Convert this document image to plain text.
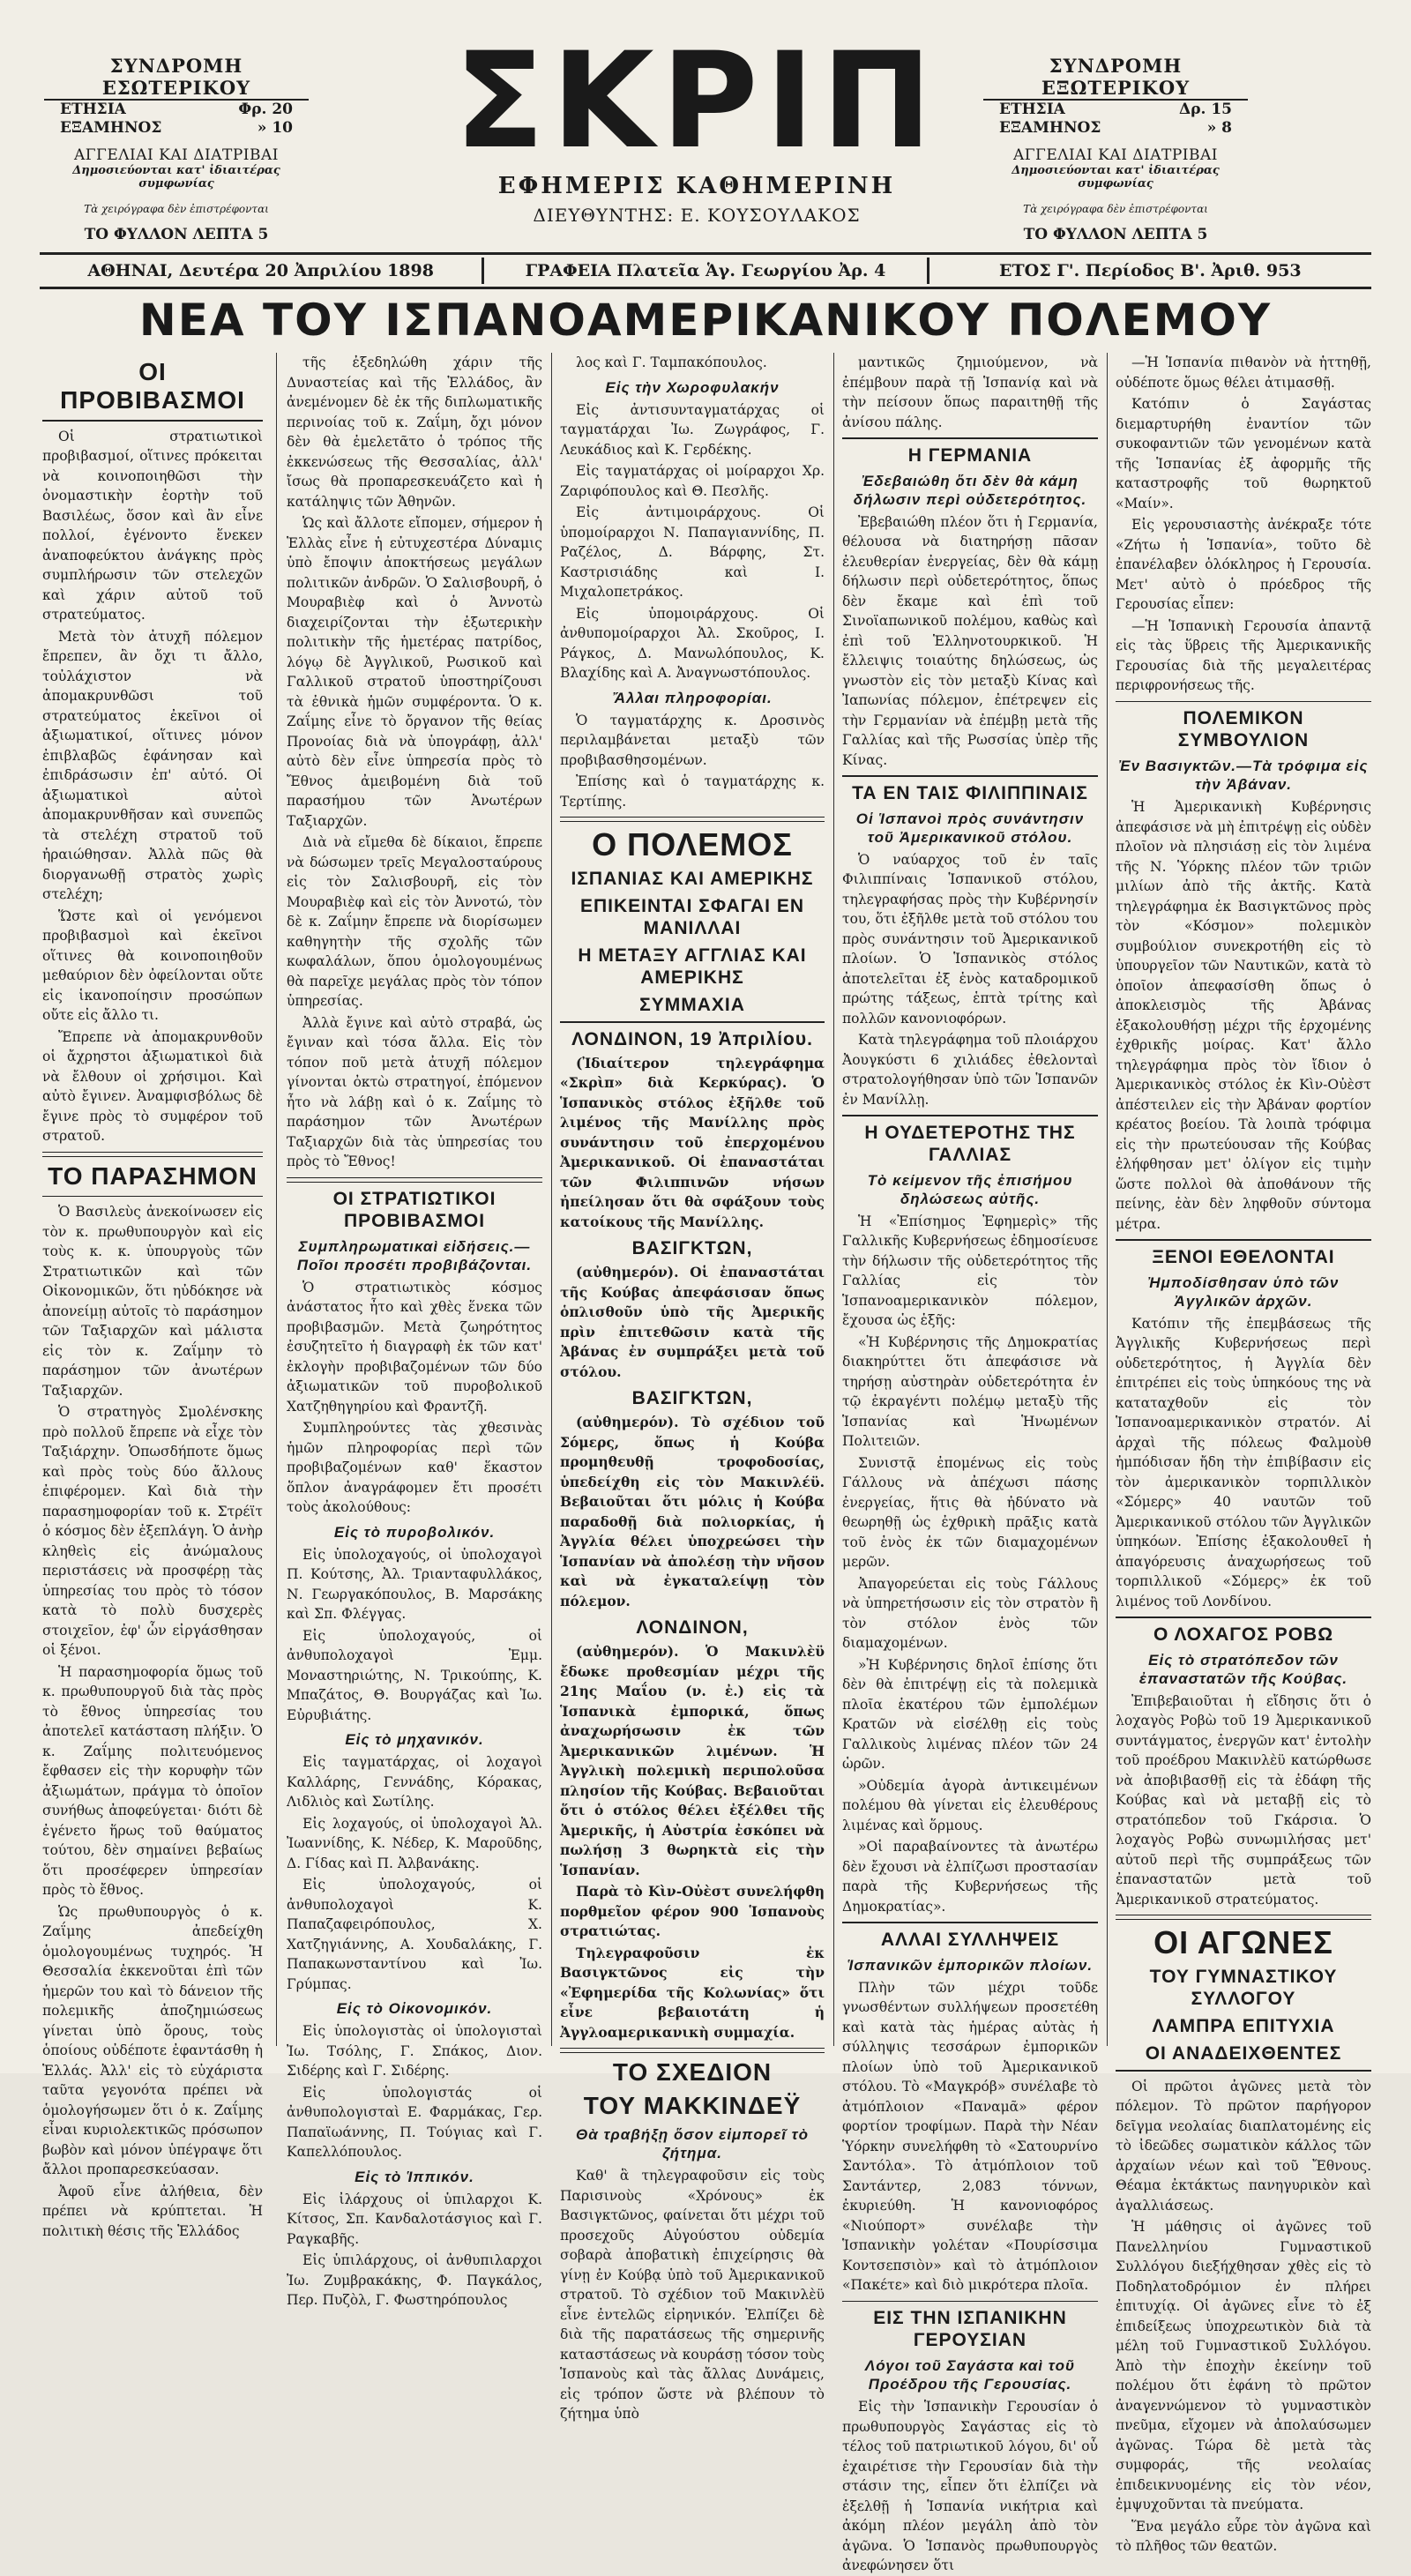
ΣΥΝΔΡΟΜΗ ΕΣΩΤΕΡΙΚΟΥ
ΕΤΗΣΙΑ	Φρ. 20
ΕΞΑΜΗΝΟΣ	» 10
ΑΓΓΕΛΙΑΙ ΚΑΙ ΔΙΑΤΡΙΒΑΙ
Δημοσιεύονται κατ' ἰδιαιτέρας συμφωνίας
Τὰ χειρόγραφα δὲν ἐπιστρέφονται
ΤΟ ΦΥΛΛΟΝ ΛΕΠΤΑ 5
ΣΚΡΙΠ
ΕΦΗΜΕΡΙΣ ΚΑΘΗΜΕΡΙΝΗ
ΔΙΕΥΘΥΝΤΗΣ: Ε. ΚΟΥΣΟΥΛΑΚΟΣ
ΣΥΝΔΡΟΜΗ ΕΞΩΤΕΡΙΚΟΥ
ΕΤΗΣΙΑ	Δρ. 15
ΕΞΑΜΗΝΟΣ	» 8
ΑΓΓΕΛΙΑΙ ΚΑΙ ΔΙΑΤΡΙΒΑΙ
Δημοσιεύονται κατ' ἰδιαιτέρας συμφωνίας
Τὰ χειρόγραφα δὲν ἐπιστρέφονται
ΤΟ ΦΥΛΛΟΝ ΛΕΠΤΑ 5
ΑΘΗΝΑΙ, Δευτέρα 20 Ἀπριλίου 1898	ΓΡΑΦΕΙΑ Πλατεῖα Ἁγ. Γεωργίου Ἀρ. 4	ΕΤΟΣ Γ'. Περίοδος Β'. Ἀριθ. 953
ΝΕΑ ΤΟΥ ΙΣΠΑΝΟΑΜΕΡΙΚΑΝΙΚΟΥ ΠΟΛΕΜΟΥ
ΟΙ ΠΡΟΒΙΒΑΣΜΟΙ

Οἱ στρατιωτικοὶ προβιβασμοί, οἵτινες πρόκειται νὰ κοινοποιηθῶσι τὴν ὀνομαστικὴν ἑορτὴν τοῦ Βασιλέως, ὅσον καὶ ἂν εἶνε πολλοί, ἐγένοντο ἕνεκεν ἀναποφεύκτου ἀνάγκης πρὸς συμπλήρωσιν τῶν στελεχῶν καὶ χάριν αὐτοῦ τοῦ στρατεύματος.

Μετὰ τὸν ἀτυχῆ πόλεμον ἔπρεπεν, ἂν ὄχι τι ἄλλο, τοὐλάχιστον νὰ ἀπομακρυνθῶσι τοῦ στρατεύματος ἐκεῖνοι οἱ ἀξιωματικοί, οἵτινες μόνον ἐπιβλαβῶς ἐφάνησαν καὶ ἐπιδράσωσιν ἐπ' αὐτό. Οἱ ἀξιωματικοὶ αὐτοὶ ἀπομακρυνθῆσαν καὶ συνεπῶς τὰ στελέχη στρατοῦ τοῦ ἠραιώθησαν. Ἀλλὰ πῶς θὰ διοργανωθῇ στρατὸς χωρὶς στελέχη;

Ὥστε καὶ οἱ γενόμενοι προβιβασμοὶ καὶ ἐκεῖνοι οἵτινες θὰ κοινοποιηθοῦν μεθαύριον δὲν ὀφείλονται οὔτε εἰς ἱκανοποίησιν προσώπων οὔτε εἰς ἄλλο τι.

Ἔπρεπε νὰ ἀπομακρυνθοῦν οἱ ἄχρηστοι ἀξιωματικοὶ διὰ νὰ ἔλθουν οἱ χρήσιμοι. Καὶ αὐτὸ ἔγινεν. Ἀναμφισβόλως δὲ ἔγινε πρὸς τὸ συμφέρον τοῦ στρατοῦ.

ΤΟ ΠΑΡΑΣΗΜΟΝ

Ὁ Βασιλεὺς ἀνεκοίνωσεν εἰς τὸν κ. πρωθυπουργὸν καὶ εἰς τοὺς κ. κ. ὑπουργοὺς τῶν Στρατιωτικῶν καὶ τῶν Οἰκονομικῶν, ὅτι ηὐδόκησε νὰ ἀπονείμῃ αὐτοῖς τὸ παράσημον τῶν Ταξιαρχῶν καὶ μάλιστα εἰς τὸν κ. Ζαΐμην τὸ παράσημον τῶν ἀνωτέρων Ταξιαρχῶν.

Ὁ στρατηγὸς Σμολένσκης πρὸ πολλοῦ ἔπρεπε νὰ εἶχε τὸν Ταξιάρχην. Ὁπωσδήποτε ὅμως καὶ πρὸς τοὺς δύο ἄλλους ἐπιφέρομεν. Καὶ διὰ τὴν παρασημοφορίαν τοῦ κ. Στρέϊτ ὁ κόσμος δὲν ἐξεπλάγη. Ὁ ἀνὴρ κληθεὶς εἰς ἀνώμαλους περιστάσεις νὰ προσφέρῃ τὰς ὑπηρεσίας του πρὸς τὸ τόσον κατὰ τὸ πολὺ δυσχερὲς στοιχεῖον, ἐφ' ὧν εἰργάσθησαν οἱ ξένοι.

Ἡ παρασημοφορία ὅμως τοῦ κ. πρωθυπουργοῦ διὰ τὰς πρὸς τὸ ἔθνος ὑπηρεσίας του ἀποτελεῖ κατάσταση πλήξιν. Ὁ κ. Ζαΐμης πολιτευόμενος ἔφθασεν εἰς τὴν κορυφὴν τῶν ἀξιωμάτων, πράγμα τὸ ὁποῖον συνήθως ἀποφεύγεται· διότι δὲ ἐγένετο ἥρως τοῦ θαύματος τούτου, δὲν σημαίνει βεβαίως ὅτι προσέφερεν ὑπηρεσίαν πρὸς τὸ ἔθνος.

Ὡς πρωθυπουργὸς ὁ κ. Ζαΐμης ἀπεδείχθη ὁμολογουμένως τυχηρός. Ἡ Θεσσαλία ἐκκενοῦται ἐπὶ τῶν ἡμερῶν του καὶ τὸ δάνειον τῆς πολεμικῆς ἀποζημιώσεως γίνεται ὑπὸ ὅρους, τοὺς ὁποίους οὐδέποτε ἐφαντάσθη ἡ Ἑλλάς. Ἀλλ' εἰς τὸ εὐχάριστα ταῦτα γεγονότα πρέπει νὰ ὁμολογήσωμεν ὅτι ὁ κ. Ζαΐμης εἶναι κυριολεκτικῶς πρόσωπον βωβὸν καὶ μόνον ὑπέγραψε ὅτι ἄλλοι προπαρεσκεύασαν.

Ἀφοῦ εἶνε ἀλήθεια, δὲν πρέπει νὰ κρύπτεται. Ἡ πολιτικὴ θέσις τῆς Ἑλλάδος

τῆς ἐξεδηλώθη χάριν τῆς Δυναστείας καὶ τῆς Ἑλλάδος, ἂν ἀνεμένομεν δὲ ἐκ τῆς διπλωματικῆς περινοίας τοῦ κ. Ζαΐμη, ὄχι μόνον δὲν θὰ ἐμελετᾶτο ὁ τρόπος τῆς ἐκκενώσεως τῆς Θεσσαλίας, ἀλλ' ἴσως θὰ προπαρεσκευάζετο καὶ ἡ κατάληψις τῶν Ἀθηνῶν.

Ὡς καὶ ἄλλοτε εἴπομεν, σήμερον ἡ Ἑλλὰς εἶνε ἡ εὐτυχεστέρα Δύναμις ὑπὸ ἔποψιν ἀποκτήσεως μεγάλων πολιτικῶν ἀνδρῶν. Ὁ Σαλισβουρῆ, ὁ Μουραβιὲφ καὶ ὁ Ἀννοτὼ διαχειρίζονται τὴν ἐξωτερικὴν πολιτικὴν τῆς ἡμετέρας πατρίδος, λόγῳ δὲ Ἀγγλικοῦ, Ρωσικοῦ καὶ Γαλλικοῦ στρατοῦ ὑποστηρίζουσι τὰ ἐθνικὰ ἡμῶν συμφέροντα. Ὁ κ. Ζαΐμης εἶνε τὸ ὄργανον τῆς θείας Προνοίας διὰ νὰ ὑπογράφῃ, ἀλλ' αὐτὸ δὲν εἶνε ὑπηρεσία πρὸς τὸ Ἔθνος ἀμειβομένη διὰ τοῦ παρασήμου τῶν Ἀνωτέρων Ταξιαρχῶν.

Διὰ νὰ εἴμεθα δὲ δίκαιοι, ἔπρεπε νὰ δώσωμεν τρεῖς Μεγαλοσταύρους εἰς τὸν Σαλισβουρῆ, εἰς τὸν Μουραβιὲφ καὶ εἰς τὸν Ἀννοτώ, τὸν δὲ κ. Ζαΐμην ἔπρεπε νὰ διορίσωμεν καθηγητὴν τῆς σχολῆς τῶν κωφαλάλων, ὅπου ὁμολογουμένως θὰ παρεῖχε μεγάλας πρὸς τὸν τόπον ὑπηρεσίας.

Ἀλλὰ ἔγινε καὶ αὐτὸ στραβά, ὡς ἔγιναν καὶ τόσα ἄλλα. Εἰς τὸν τόπον ποῦ μετὰ ἀτυχῆ πόλεμον γίνονται ὀκτὼ στρατηγοί, ἐπόμενον ἦτο νὰ λάβῃ καὶ ὁ κ. Ζαΐμης τὸ παράσημον τῶν Ἀνωτέρων Ταξιαρχῶν διὰ τὰς ὑπηρεσίας του πρὸς τὸ Ἔθνος!

ΟΙ ΣΤΡΑΤΙΩΤΙΚΟΙ ΠΡΟΒΙΒΑΣΜΟΙ
Συμπληρωματικαὶ εἰδήσεις.—Ποῖοι προσέτι προβιβάζονται.

Ὁ στρατιωτικὸς κόσμος ἀνάστατος ἦτο καὶ χθὲς ἕνεκα τῶν προβιβασμῶν. Μετὰ ζωηρότητος ἐσυζητεῖτο ἡ διαγραφὴ ἐκ τῶν κατ' ἐκλογὴν προβιβαζομένων τῶν δύο ἀξιωματικῶν τοῦ πυροβολικοῦ Χατζηθηγηρίου καὶ Φραντζῆ.

Συμπληρούντες τὰς χθεσινὰς ἡμῶν πληροφορίας περὶ τῶν προβιβαζομένων καθ' ἕκαστον ὅπλον ἀναγράφομεν ἔτι προσέτι τοὺς ἀκολούθους:

Εἰς τὸ πυροβολικόν.

Εἰς ὑπολοχαγούς, οἱ ὑπολοχαγοὶ Π. Κούτσης, Ἀλ. Τριανταφυλλάκος, Ν. Γεωργακόπουλος, Β. Μαρσάκης καὶ Σπ. Φλέγγας.

Εἰς ὑπολοχαγούς, οἱ ἀνθυπολοχαγοὶ Ἐμμ. Μοναστηριώτης, Ν. Τρικούπης, Κ. Μπαζάτος, Θ. Βουργάζας καὶ Ἰω. Εὐρυβιάτης.

Εἰς τὸ μηχανικόν.

Εἰς ταγματάρχας, οἱ λοχαγοὶ Καλλάρης, Γεννάδης, Κόρακας, Λιδλιὸς καὶ Σωτίλης.

Εἰς λοχαγούς, οἱ ὑπολοχαγοὶ Ἀλ. Ἰωαννίδης, Κ. Νέδερ, Κ. Μαροῦδης, Δ. Γίδας καὶ Π. Ἀλβανάκης.

Εἰς ὑπολοχαγούς, οἱ ἀνθυπολοχαγοὶ Κ. Παπαζαφειρόπουλος, Χ. Χατζηγιάννης, Α. Χουδαλάκης, Γ. Παπακωνσταντίνου καὶ Ἰω. Γρύμπας.

Εἰς τὸ Οἰκονομικόν.

Εἰς ὑπολογιστὰς οἱ ὑπολογισταὶ Ἰω. Τσόλης, Γ. Σπάκος, Διον. Σιδέρης καὶ Γ. Σιδέρης.

Εἰς ὑπολογιστάς οἱ ἀνθυπολογισταὶ Ε. Φαρμάκας, Γερ. Παπαϊωάννης, Π. Τούγιας καὶ Γ. Καπελλόπουλος.

Εἰς τὸ Ἱππικόν.

Εἰς ἰλάρχους οἱ ὑπιλαρχοι Κ. Κίτσος, Σπ. Κανδαλοτάσγιος καὶ Γ. Ραγκαβῆς.

Εἰς ὑπιλάρχους, οἱ ἀνθυπιλαρχοι Ἰω. Ζυμβρακάκης, Φ. Παγκάλος, Περ. Πυζὸλ, Γ. Φωστηρόπουλος

λος καὶ Γ. Ταμπακόπουλος.

Εἰς τὴν Χωροφυλακήν

Εἰς ἀντισυνταγματάρχας οἱ ταγματάρχαι Ἰω. Ζωγράφος, Γ. Λευκάδιος καὶ Κ. Γερδέκης.

Εἰς ταγματάρχας οἱ μοίραρχοι Χρ. Ζαριφόπουλος καὶ Θ. Πεσλῆς.

Εἰς ἀντιμοιράρχους. Οἱ ὑπομοίραρχοι Ν. Παπαγιαννίδης, Π. Ραζέλος, Δ. Βάρφης, Στ. Καστρισιάδης καὶ Ι. Μιχαλοπετράκος.

Εἰς ὑπομοιράρχους. Οἱ ἀνθυπομοίραρχοι Ἀλ. Σκοῦρος, Ι. Ράγκος, Δ. Μανωλόπουλος, Κ. Βλαχίδης καὶ Α. Ἀναγνωστόπουλος.

Ἄλλαι πληροφορίαι.

Ὁ ταγματάρχης κ. Δροσινὸς περιλαμβάνεται μεταξὺ τῶν προβιβασθησομένων.

Ἐπίσης καὶ ὁ ταγματάρχης κ. Τερτίπης.

Ο ΠΟΛΕΜΟΣ
ΙΣΠΑΝΙΑΣ ΚΑΙ ΑΜΕΡΙΚΗΣ
ΕΠΙΚΕΙΝΤΑΙ ΣΦΑΓΑΙ ΕΝ ΜΑΝΙΛΛΑΙ
Η ΜΕΤΑΞΥ ΑΓΓΛΙΑΣ ΚΑΙ ΑΜΕΡΙΚΗΣ
ΣΥΜΜΑΧΙΑ
ΛΟΝΔΙΝΟΝ, 19 Ἀπριλίου.

(Ἰδιαίτερον τηλεγράφημα «Σκρὶπ» διὰ Κερκύρας). Ὁ Ἱσπανικὸς στόλος ἐξῆλθε τοῦ λιμένος τῆς Μανίλλης πρὸς συνάντησιν τοῦ ἐπερχομένου Ἀμερικανικοῦ. Οἱ ἐπαναστάται τῶν Φιλιππινῶν νήσων ἠπείλησαν ὅτι θὰ σφάξουν τοὺς κατοίκους τῆς Μανίλλης.

ΒΑΣΙΓΚΤΩΝ,

(αὐθημερόν). Οἱ ἐπαναστάται τῆς Κούβας ἀπεφάσισαν ὅπως ὁπλισθοῦν ὑπὸ τῆς Ἀμερικῆς πρὶν ἐπιτεθῶσιν κατὰ τῆς Ἀβάνας ἐν συμπράξει μετὰ τοῦ στόλου.

ΒΑΣΙΓΚΤΩΝ,

(αὐθημερόν). Τὸ σχέδιον τοῦ Σόμερς, ὅπως ἡ Κούβα προμηθευθῇ τροφοδοσίας, ὑπεδείχθη εἰς τὸν Μακινλέϋ. Βεβαιοῦται ὅτι μόλις ἡ Κούβα παραδοθῇ διὰ πολιορκίας, ἡ Ἀγγλία θέλει ὑποχρεώσει τὴν Ἱσπανίαν νὰ ἀπολέσῃ τὴν νῆσον καὶ νὰ ἐγκαταλείψῃ τὸν πόλεμον.

ΛΟΝΔΙΝΟΝ,

(αὐθημερόν). Ὁ Μακινλὲϋ ἔδωκε προθεσμίαν μέχρι τῆς 21ης Μαΐου (ν. ἐ.) εἰς τὰ Ἱσπανικὰ ἐμπορικά, ὅπως ἀναχωρήσωσιν ἐκ τῶν Ἀμερικανικῶν λιμένων. Ἡ Ἀγγλικὴ πολεμικὴ περιπολοῦσα πλησίον τῆς Κούβας. Βεβαιοῦται ὅτι ὁ στόλος θέλει ἐξέλθει τῆς Ἀμερικῆς, ἡ Αὐστρία ἐσκόπει νὰ πωλήσῃ 3 θωρηκτὰ εἰς τὴν Ἱσπανίαν.

Παρὰ τὸ Κὶν-Οὐὲστ συνελήφθη πορθμεῖον φέρον 900 Ἱσπανοὺς στρατιώτας.

Τηλεγραφοῦσιν ἐκ Βασιγκτῶνος εἰς τὴν «Ἐφημερίδα τῆς Κολωνίας» ὅτι εἶνε βεβαιοτάτη ἡ Ἀγγλοαμερικανικὴ συμμαχία.

ΤΟ ΣΧΕΔΙΟΝ
ΤΟΥ ΜΑΚΚΙΝΔΕΫ
Θὰ τραβήξῃ ὅσον εἰμπορεῖ τὸ ζήτημα.

Καθ' ἃ τηλεγραφοῦσιν εἰς τοὺς Παρισινοὺς «Χρόνους» ἐκ Βασιγκτῶνος, φαίνεται ὅτι μέχρι τοῦ προσεχοῦς Αὐγούστου οὐδεμία σοβαρὰ ἀποβατικὴ ἐπιχείρησις θὰ γίνῃ ἐν Κούβᾳ ὑπὸ τοῦ Ἀμερικανικοῦ στρατοῦ. Τὸ σχέδιον τοῦ Μακινλὲϋ εἶνε ἐντελῶς εἰρηνικόν. Ἐλπίζει δὲ διὰ τῆς παρατάσεως τῆς σημερινῆς καταστάσεως νὰ κουράσῃ τόσον τοὺς Ἱσπανοὺς καὶ τὰς ἄλλας Δυνάμεις, εἰς τρόπον ὥστε νὰ βλέπουν τὸ ζήτημα ὑπὸ

μαντικῶς ζημιούμενον, νὰ ἐπέμβουν παρὰ τῇ Ἱσπανίᾳ καὶ νὰ τὴν πείσουν ὅπως παραιτηθῇ τῆς ἀνίσου πάλης.

Η ΓΕΡΜΑΝΙΑ
Ἐδεβαιώθη ὅτι δὲν θὰ κάμη δήλωσιν περὶ οὐδετερότητος.

Ἐβεβαιώθη πλέον ὅτι ἡ Γερμανία, θέλουσα νὰ διατηρήσῃ πᾶσαν ἐλευθερίαν ἐνεργείας, δὲν θὰ κάμῃ δήλωσιν περὶ οὐδετερότητος, ὅπως δὲν ἔκαμε καὶ ἐπὶ τοῦ Σινοϊαπωνικοῦ πολέμου, καθὼς καὶ ἐπὶ τοῦ Ἑλληνοτουρκικοῦ. Ἡ ἔλλειψις τοιαύτης δηλώσεως, ὡς γνωστὸν εἰς τὸν μεταξὺ Κίνας καὶ Ἰαπωνίας πόλεμον, ἐπέτρεψεν εἰς τὴν Γερμανίαν νὰ ἐπέμβῃ μετὰ τῆς Γαλλίας καὶ τῆς Ρωσσίας ὑπὲρ τῆς Κίνας.

ΤΑ ΕΝ ΤΑΙΣ ΦΙΛΙΠΠΙΝΑΙΣ
Οἱ Ἱσπανοὶ πρὸς συνάντησιν τοῦ Ἀμερικανικοῦ στόλου.

Ὁ ναύαρχος τοῦ ἐν ταῖς Φιλιππίναις Ἱσπανικοῦ στόλου, τηλεγραφήσας πρὸς τὴν Κυβέρνησίν του, ὅτι ἐξῆλθε μετὰ τοῦ στόλου του πρὸς συνάντησιν τοῦ Ἀμερικανικοῦ πλοίων. Ὁ Ἱσπανικὸς στόλος ἀποτελεῖται ἐξ ἑνὸς καταδρομικοῦ πρώτης τάξεως, ἑπτὰ τρίτης καὶ πολλῶν κανονιοφόρων.

Κατὰ τηλεγράφημα τοῦ πλοιάρχου Ἀουγκύστι 6 χιλιάδες ἐθελονταὶ στρατολογήθησαν ὑπὸ τῶν Ἱσπανῶν ἐν Μανίλλῃ.

Η ΟΥΔΕΤΕΡΟΤΗΣ ΤΗΣ ΓΑΛΛΙΑΣ
Τὸ κείμενον τῆς ἐπισήμου δηλώσεως αὐτῆς.

Ἡ «Ἐπίσημος Ἐφημερὶς» τῆς Γαλλικῆς Κυβερνήσεως ἐδημοσίευσε τὴν δήλωσιν τῆς οὐδετερότητος τῆς Γαλλίας εἰς τὸν Ἱσπανοαμερικανικὸν πόλεμον, ἔχουσα ὡς ἑξῆς:

«Ἡ Κυβέρνησις τῆς Δημοκρατίας διακηρύττει ὅτι ἀπεφάσισε νὰ τηρήσῃ αὐστηρὰν οὐδετερότητα ἐν τῷ ἐκραγέντι πολέμῳ μεταξὺ τῆς Ἱσπανίας καὶ Ἡνωμένων Πολιτειῶν.

Συνιστᾷ ἐπομένως εἰς τοὺς Γάλλους νὰ ἀπέχωσι πάσης ἐνεργείας, ἥτις θὰ ἠδύνατο νὰ θεωρηθῇ ὡς ἐχθρικὴ πρᾶξις κατὰ τοῦ ἑνὸς ἐκ τῶν διαμαχομένων μερῶν.

Ἀπαγορεύεται εἰς τοὺς Γάλλους νὰ ὑπηρετήσωσιν εἰς τὸν στρατὸν ἢ τὸν στόλον ἑνὸς τῶν διαμαχομένων.

»Ἡ Κυβέρνησις δηλοῖ ἐπίσης ὅτι δὲν θὰ ἐπιτρέψῃ εἰς τὰ πολεμικὰ πλοῖα ἑκατέρου τῶν ἐμπολέμων Κρατῶν νὰ εἰσέλθῃ εἰς τοὺς Γαλλικοὺς λιμένας πλέον τῶν 24 ὡρῶν.

»Οὐδεμία ἀγορὰ ἀντικειμένων πολέμου θὰ γίνεται εἰς ἐλευθέρους λιμένας καὶ ὅρμους.

»Οἱ παραβαίνοντες τὰ ἀνωτέρω δὲν ἔχουσι νὰ ἐλπίζωσι προστασίαν παρὰ τῆς Κυβερνήσεως τῆς Δημοκρατίας».

ΑΛΛΑΙ ΣΥΛΛΗΨΕΙΣ
Ἱσπανικῶν ἐμπορικῶν πλοίων.

Πλὴν τῶν μέχρι τοῦδε γνωσθέντων συλλήψεων προσετέθη καὶ κατὰ τὰς ἡμέρας αὐτὰς ἡ σύλληψις τεσσάρων ἐμπορικῶν πλοίων ὑπὸ τοῦ Ἀμερικανικοῦ στόλου. Τὸ «Μαγκρόβ» συνέλαβε τὸ ἀτμόπλοιον «Παναμᾶ» φέρον φορτίον τροφίμων. Παρὰ τὴν Νέαν Ὑόρκην συνελήφθη τὸ «Σατουρνίνο Σαντόλα». Τὸ ἀτμόπλοιον τοῦ Σαντάντερ, 2,083 τόννων, ἐκυριεύθη. Ἡ κανονιοφόρος «Νιούπορτ» συνέλαβε τὴν Ἱσπανικὴν γολέταν «Πουρίσσιμα Κοντσεπσιὸν» καὶ τὸ ἀτμόπλοιον «Πακέτε» καὶ διὸ μικρότερα πλοῖα.

ΕΙΣ ΤΗΝ ΙΣΠΑΝΙΚΗΝ ΓΕΡΟΥΣΙΑΝ
Λόγοι τοῦ Σαγάστα καὶ τοῦ Προέδρου τῆς Γερουσίας.

Εἰς τὴν Ἱσπανικὴν Γερουσίαν ὁ πρωθυπουργὸς Σαγάστας εἰς τὸ τέλος τοῦ πατριωτικοῦ λόγου, δι' οὗ ἐχαιρέτισε τὴν Γερουσίαν διὰ τὴν στάσιν της, εἶπεν ὅτι ἐλπίζει νὰ ἐξελθῇ ἡ Ἱσπανία νικήτρια καὶ ἀκόμη πλέον μεγάλη ἀπὸ τὸν ἀγῶνα. Ὁ Ἱσπανὸς πρωθυπουργὸς ἀνεφώνησεν ὅτι

—Ἡ Ἱσπανία πιθανὸν νὰ ἡττηθῇ, οὐδέποτε ὅμως θέλει ἀτιμασθῇ.

Κατόπιν ὁ Σαγάστας διεμαρτυρήθη ἐναντίον τῶν συκοφαντιῶν τῶν γενομένων κατὰ τῆς Ἱσπανίας ἐξ ἀφορμῆς τῆς καταστροφῆς τοῦ θωρηκτοῦ «Μαίν».

Εἰς γερουσιαστὴς ἀνέκραξε τότε «Ζήτω ἡ Ἱσπανία», τοῦτο δὲ ἐπανέλαβεν ὁλόκληρος ἡ Γερουσία. Μετ' αὐτὸ ὁ πρόεδρος τῆς Γερουσίας εἶπεν:

—Ἡ Ἱσπανικὴ Γερουσία ἀπαντᾷ εἰς τὰς ὕβρεις τῆς Ἀμερικανικῆς Γερουσίας διὰ τῆς μεγαλειτέρας περιφρονήσεως τῆς.

ΠΟΛΕΜΙΚΟΝ ΣΥΜΒΟΥΛΙΟΝ
Ἐν Βασιγκτῶν.—Τὰ τρόφιμα εἰς τὴν Ἀβάναν.

Ἡ Ἀμερικανικὴ Κυβέρνησις ἀπεφάσισε νὰ μὴ ἐπιτρέψῃ εἰς οὐδὲν πλοῖον νὰ πλησιάσῃ εἰς τὸν λιμένα τῆς Ν. Ὑόρκης πλέον τῶν τριῶν μιλίων ἀπὸ τῆς ἀκτῆς. Κατὰ τηλεγράφημα ἐκ Βασιγκτῶνος πρὸς τὸν «Κόσμον» πολεμικὸν συμβούλιον συνεκροτήθη εἰς τὸ ὑπουργεῖον τῶν Ναυτικῶν, κατὰ τὸ ὁποῖον ἀπεφασίσθη ὅπως ὁ ἀποκλεισμὸς τῆς Ἀβάνας ἐξακολουθήσῃ μέχρι τῆς ἐρχομένης ἐχθρικῆς μοίρας. Κατ' ἄλλο τηλεγράφημα πρὸς τὸν ἴδιον ὁ Ἀμερικανικὸς στόλος ἐκ Κὶν-Οὐὲστ ἀπέστειλεν εἰς τὴν Ἀβάναν φορτίον κρέατος βοείου. Τὰ λοιπὰ τρόφιμα εἰς τὴν πρωτεύουσαν τῆς Κούβας ἐλήφθησαν μετ' ὀλίγον εἰς τιμὴν ὥστε πολλοὶ θὰ ἀποθάνουν τῆς πείνης, ἐὰν δὲν ληφθοῦν σύντομα μέτρα.

ΞΕΝΟΙ ΕΘΕΛΟΝΤΑΙ
Ἠμποδίσθησαν ὑπὸ τῶν Ἀγγλικῶν ἀρχῶν.

Κατόπιν τῆς ἐπεμβάσεως τῆς Ἀγγλικῆς Κυβερνήσεως περὶ οὐδετερότητος, ἡ Ἀγγλία δὲν ἐπιτρέπει εἰς τοὺς ὑπηκόους της νὰ καταταχθοῦν εἰς τὸν Ἱσπανοαμερικανικὸν στρατόν. Αἱ ἀρχαὶ τῆς πόλεως Φαλμοὺθ ἠμπόδισαν ἤδη τὴν ἐπιβίβασιν εἰς τὸν ἀμερικανικὸν τορπιλλικὸν «Σόμερς» 40 ναυτῶν τοῦ Ἀμερικανικοῦ στόλου τῶν Ἀγγλικῶν ὑπηκόων. Ἐπίσης ἐξακολουθεῖ ἡ ἀπαγόρευσις ἀναχωρήσεως τοῦ τορπιλλικοῦ «Σόμερς» ἐκ τοῦ λιμένος τοῦ Λονδίνου.

Ο ΛΟΧΑΓΟΣ ΡΟΒΩ
Εἰς τὸ στρατόπεδον τῶν ἐπαναστατῶν τῆς Κούβας.

Ἐπιβεβαιοῦται ἡ εἴδησις ὅτι ὁ λοχαγὸς Ροβὼ τοῦ 19 Ἀμερικανικοῦ συντάγματος, ἐνεργῶν κατ' ἐντολὴν τοῦ προέδρου Μακινλὲϋ κατώρθωσε νὰ ἀποβιβασθῇ εἰς τὰ ἐδάφη τῆς Κούβας καὶ νὰ μεταβῇ εἰς τὸ στρατόπεδον τοῦ Γκάρσια. Ὁ λοχαγὸς Ροβὼ συνωμιλήσας μετ' αὐτοῦ περὶ τῆς συμπράξεως τῶν ἐπαναστατῶν μετὰ τοῦ Ἀμερικανικοῦ στρατεύματος.

ΟΙ ΑΓΩΝΕΣ
ΤΟΥ ΓΥΜΝΑΣΤΙΚΟΥ ΣΥΛΛΟΓΟΥ
ΛΑΜΠΡΑ ΕΠΙΤΥΧΙΑ
ΟΙ ΑΝΑΔΕΙΧΘΕΝΤΕΣ

Οἱ πρῶτοι ἀγῶνες μετὰ τὸν πόλεμον. Τὸ πρῶτον παρήγορον δεῖγμα νεολαίας διαπλατομένης εἰς τὸ ἰδεῶδες σωματικὸν κάλλος τῶν ἀρχαίων νέων καὶ τοῦ Ἔθνους. Θέαμα ἐκτάκτως πανηγυρικὸν καὶ ἀγαλλιάσεως.

Ἡ μάθησις οἱ ἀγῶνες τοῦ Πανελληνίου Γυμναστικοῦ Συλλόγου διεξήχθησαν χθὲς εἰς τὸ Ποδηλατοδρόμιον ἐν πλήρει ἐπιτυχίᾳ. Οἱ ἀγῶνες εἶνε τὸ ἐξ ἐπιδείξεως ὑποχρεωτικὸν διὰ τὰ μέλη τοῦ Γυμναστικοῦ Συλλόγου. Ἀπὸ τὴν ἐποχὴν ἐκείνην τοῦ πολέμου ὅτι ἐφάνη τὸ πρῶτον ἀναγεννώμενον τὸ γυμναστικὸν πνεῦμα, εἴχομεν νὰ ἀπολαύσωμεν ἀγῶνας. Τώρα δὲ μετὰ τὰς συμφοράς, τῆς νεολαίας ἐπιδεικνυομένης εἰς τὸν νέον, ἐμψυχοῦνται τὰ πνεύματα.

Ἕνα μεγάλο εὗρε τὸν ἀγῶνα καὶ τὸ πλῆθος τῶν θεατῶν.
